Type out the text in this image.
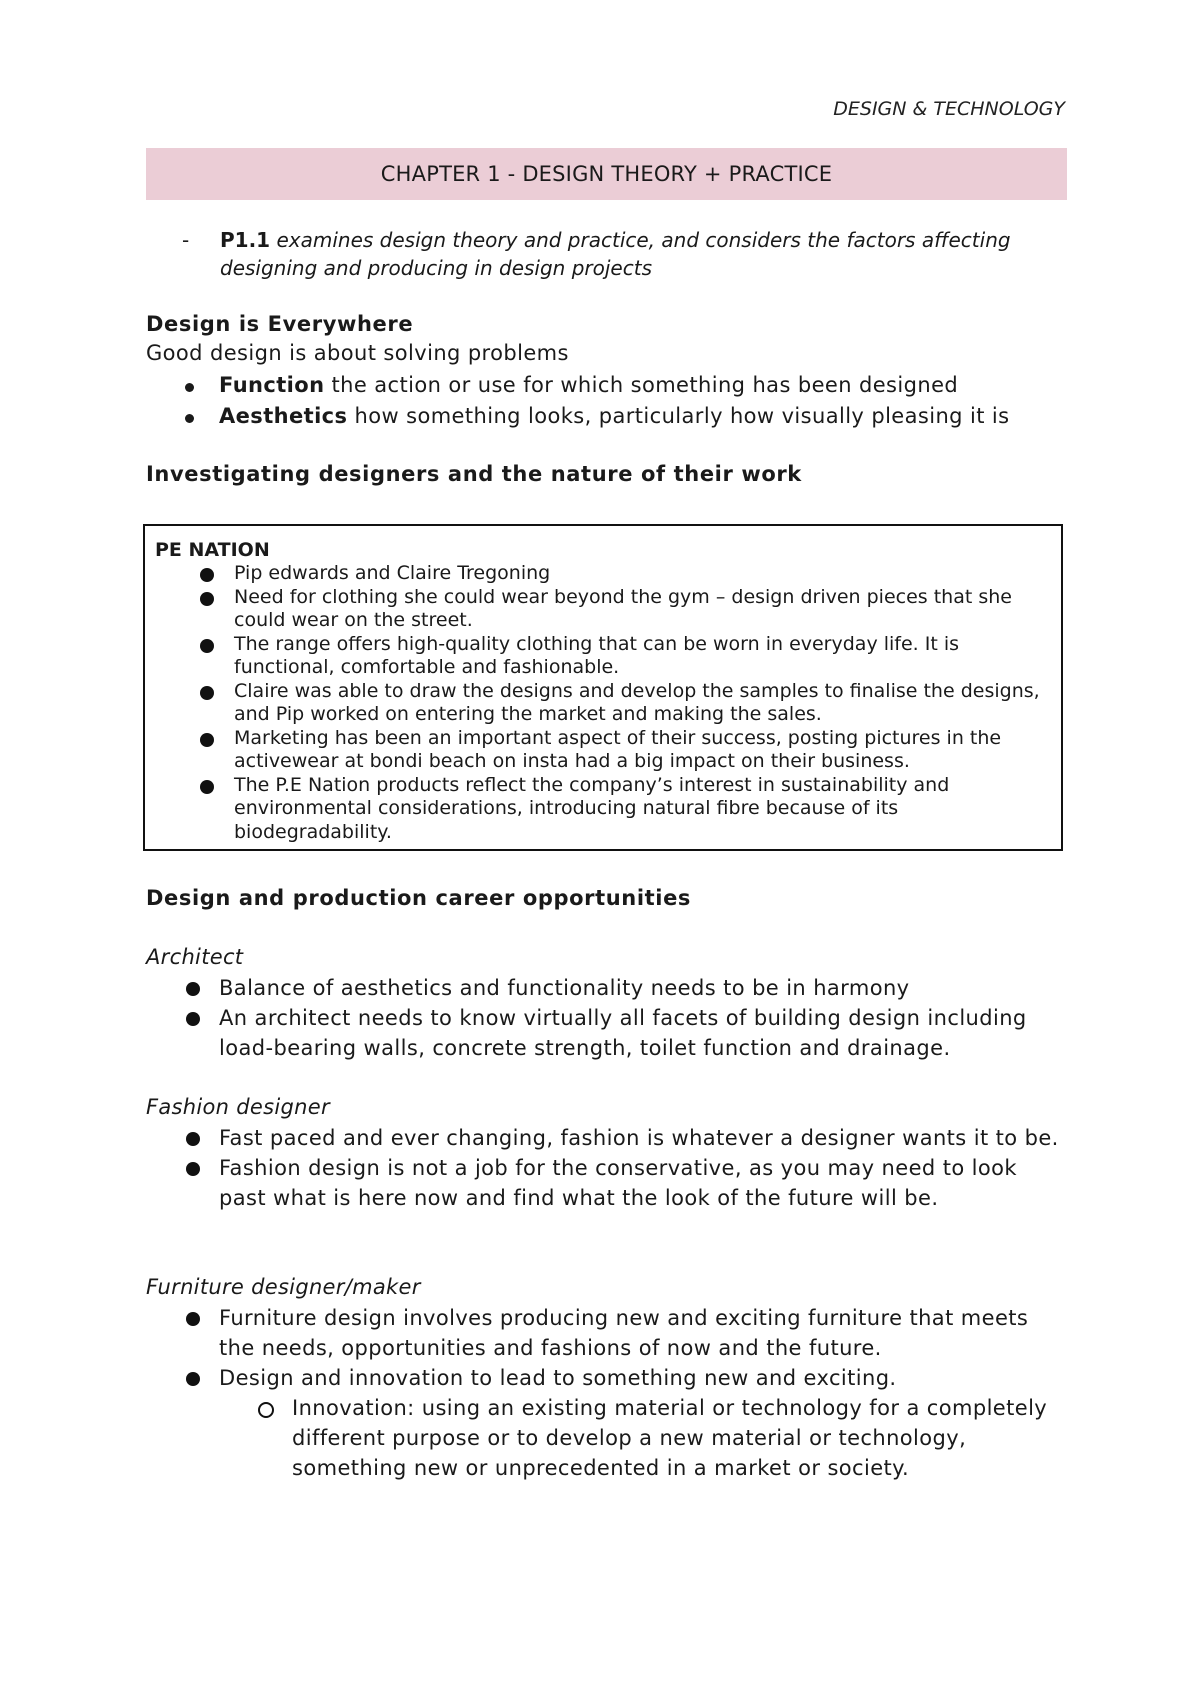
DESIGN & TECHNOLOGY
CHAPTER 1 - DESIGN THEORY + PRACTICE
- P1.1 examines design theory and practice, and considers the factors affecting designing and producing in design projects
Design is Everywhere
Good design is about solving problems
Function the action or use for which something has been designed
Aesthetics how something looks, particularly how visually pleasing it is
Investigating designers and the nature of their work
PE NATION
Pip edwards and Claire Tregoning
Need for clothing she could wear beyond the gym – design driven pieces that she could wear on the street.
The range offers high-quality clothing that can be worn in everyday life. It is functional, comfortable and fashionable.
Claire was able to draw the designs and develop the samples to finalise the designs, and Pip worked on entering the market and making the sales.
Marketing has been an important aspect of their success, posting pictures in the activewear at bondi beach on insta had a big impact on their business.
The P.E Nation products reflect the company’s interest in sustainability and environmental considerations, introducing natural fibre because of its biodegradability.
Design and production career opportunities
Architect
Balance of aesthetics and functionality needs to be in harmony
An architect needs to know virtually all facets of building design including load-bearing walls, concrete strength, toilet function and drainage.
Fashion designer
Fast paced and ever changing, fashion is whatever a designer wants it to be.
Fashion design is not a job for the conservative, as you may need to look past what is here now and find what the look of the future will be.
Furniture designer/maker
Furniture design involves producing new and exciting furniture that meets the needs, opportunities and fashions of now and the future.
Design and innovation to lead to something new and exciting.
Innovation: using an existing material or technology for a completely different purpose or to develop a new material or technology, something new or unprecedented in a market or society.
